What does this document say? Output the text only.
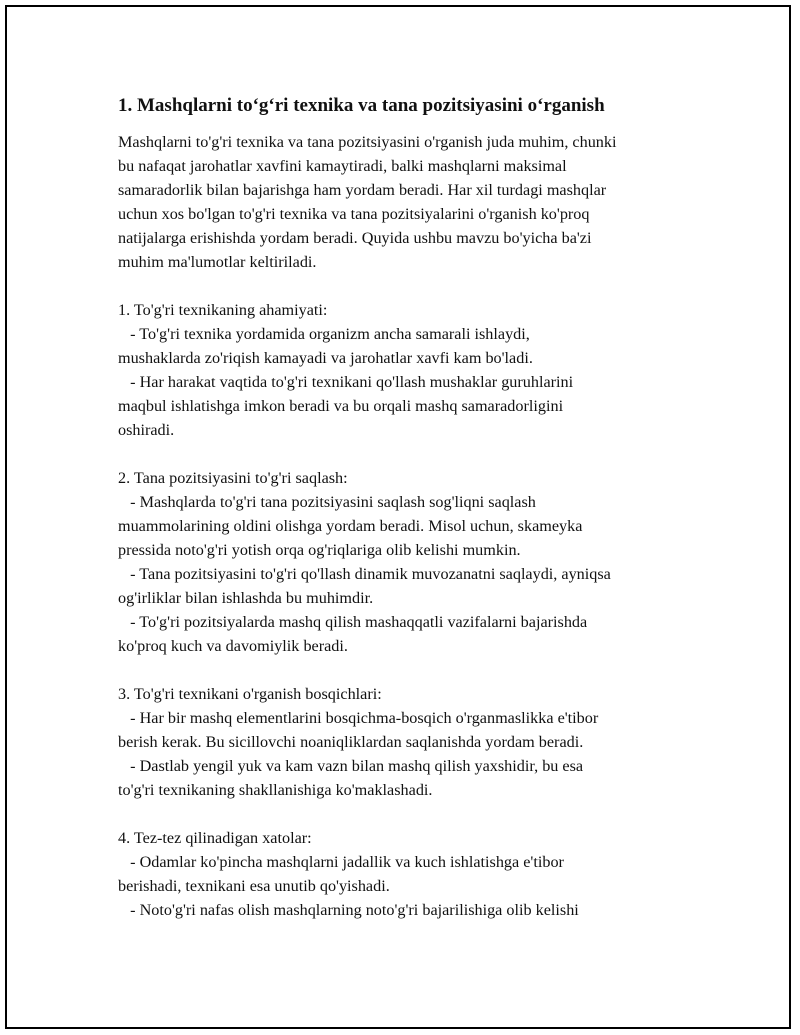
1. Mashqlarni to‘g‘ri texnika va tana pozitsiyasini o‘rganish
Mashqlarni to'g'ri texnika va tana pozitsiyasini o'rganish juda muhim, chunki
bu nafaqat jarohatlar xavfini kamaytiradi, balki mashqlarni maksimal
samaradorlik bilan bajarishga ham yordam beradi. Har xil turdagi mashqlar
uchun xos bo'lgan to'g'ri texnika va tana pozitsiyalarini o'rganish ko'proq
natijalarga erishishda yordam beradi. Quyida ushbu mavzu bo'yicha ba'zi
muhim ma'lumotlar keltiriladi.
1. To'g'ri texnikaning ahamiyati:
- To'g'ri texnika yordamida organizm ancha samarali ishlaydi,
mushaklarda zo'riqish kamayadi va jarohatlar xavfi kam bo'ladi.
- Har harakat vaqtida to'g'ri texnikani qo'llash mushaklar guruhlarini
maqbul ishlatishga imkon beradi va bu orqali mashq samaradorligini
oshiradi.
2. Tana pozitsiyasini to'g'ri saqlash:
- Mashqlarda to'g'ri tana pozitsiyasini saqlash sog'liqni saqlash
muammolarining oldini olishga yordam beradi. Misol uchun, skameyka
pressida noto'g'ri yotish orqa og'riqlariga olib kelishi mumkin.
- Tana pozitsiyasini to'g'ri qo'llash dinamik muvozanatni saqlaydi, ayniqsa
og'irliklar bilan ishlashda bu muhimdir.
- To'g'ri pozitsiyalarda mashq qilish mashaqqatli vazifalarni bajarishda
ko'proq kuch va davomiylik beradi.
3. To'g'ri texnikani o'rganish bosqichlari:
- Har bir mashq elementlarini bosqichma-bosqich o'rganmaslikka e'tibor
berish kerak. Bu sicillovchi noaniqliklardan saqlanishda yordam beradi.
- Dastlab yengil yuk va kam vazn bilan mashq qilish yaxshidir, bu esa
to'g'ri texnikaning shakllanishiga ko'maklashadi.
4. Tez-tez qilinadigan xatolar:
- Odamlar ko'pincha mashqlarni jadallik va kuch ishlatishga e'tibor
berishadi, texnikani esa unutib qo'yishadi.
- Noto'g'ri nafas olish mashqlarning noto'g'ri bajarilishiga olib kelishi
